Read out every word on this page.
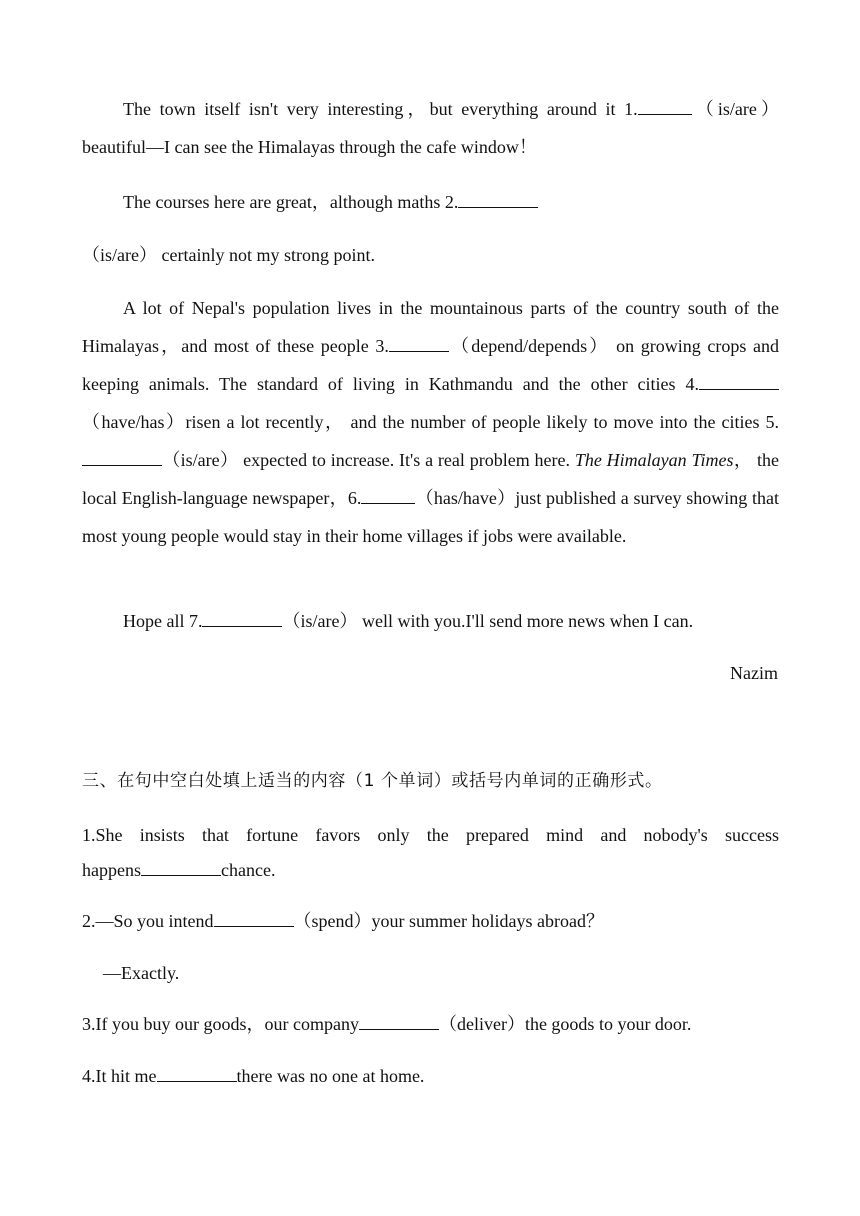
The town itself isn't very interesting，but everything around it 1.	（is/are） beautiful—I can see the Himalayas through the cafe window！

The courses here are great，although maths 2.

（is/are） certainly not my strong point.

A lot of Nepal's population lives in the mountainous parts of the country south of the Himalayas，and most of these people 3.	（depend/depends） on growing crops and keeping animals. The standard of living in Kathmandu and the other cities 4.（have/has）risen a lot recently， and the number of people likely to move into the cities 5.（is/are） expected to increase. It's a real problem here. The Himalayan Times， the local English-language newspaper，6.	（has/have）just published a survey showing that most young people would stay in their home villages if jobs were available.

Hope all 7.	（is/are） well with you.I'll send more news when I can.

Nazim

三、在句中空白处填上适当的内容（1 个单词）或括号内单词的正确形式。

1.She insists that fortune favors only the prepared mind and nobody's success

happens	chance.

2.—So you intend	（spend）your summer holidays abroad？

—Exactly.

3.If you buy our goods，our company	（deliver）the goods to your door.

4.It hit me	there was no one at home.
